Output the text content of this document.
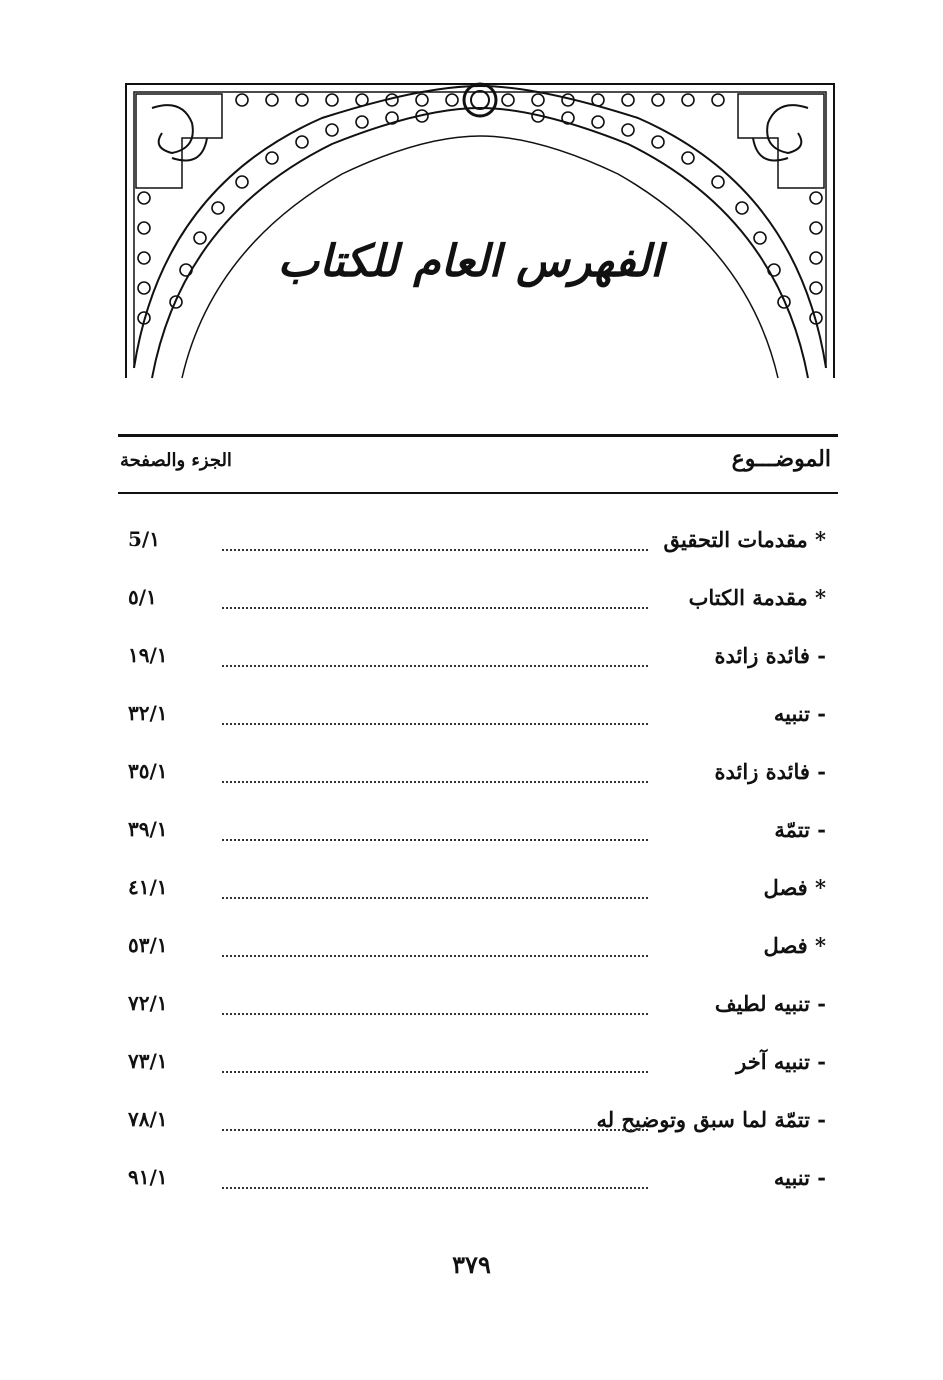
الفهرس العام للكتاب
الموضـــوع
الجزء والصفحة
* مقدمات التحقيق
5/١
* مقدمة الكتاب
٥/١
- فائدة زائدة
١٩/١
- تنبيه
٣٢/١
- فائدة زائدة
٣٥/١
- تتمّة
٣٩/١
* فصل
٤١/١
* فصل
٥٣/١
- تنبيه لطيف
٧٢/١
- تنبيه آخر
٧٣/١
- تتمّة لما سبق وتوضيح له
٧٨/١
- تنبيه
٩١/١
٣٧٩
